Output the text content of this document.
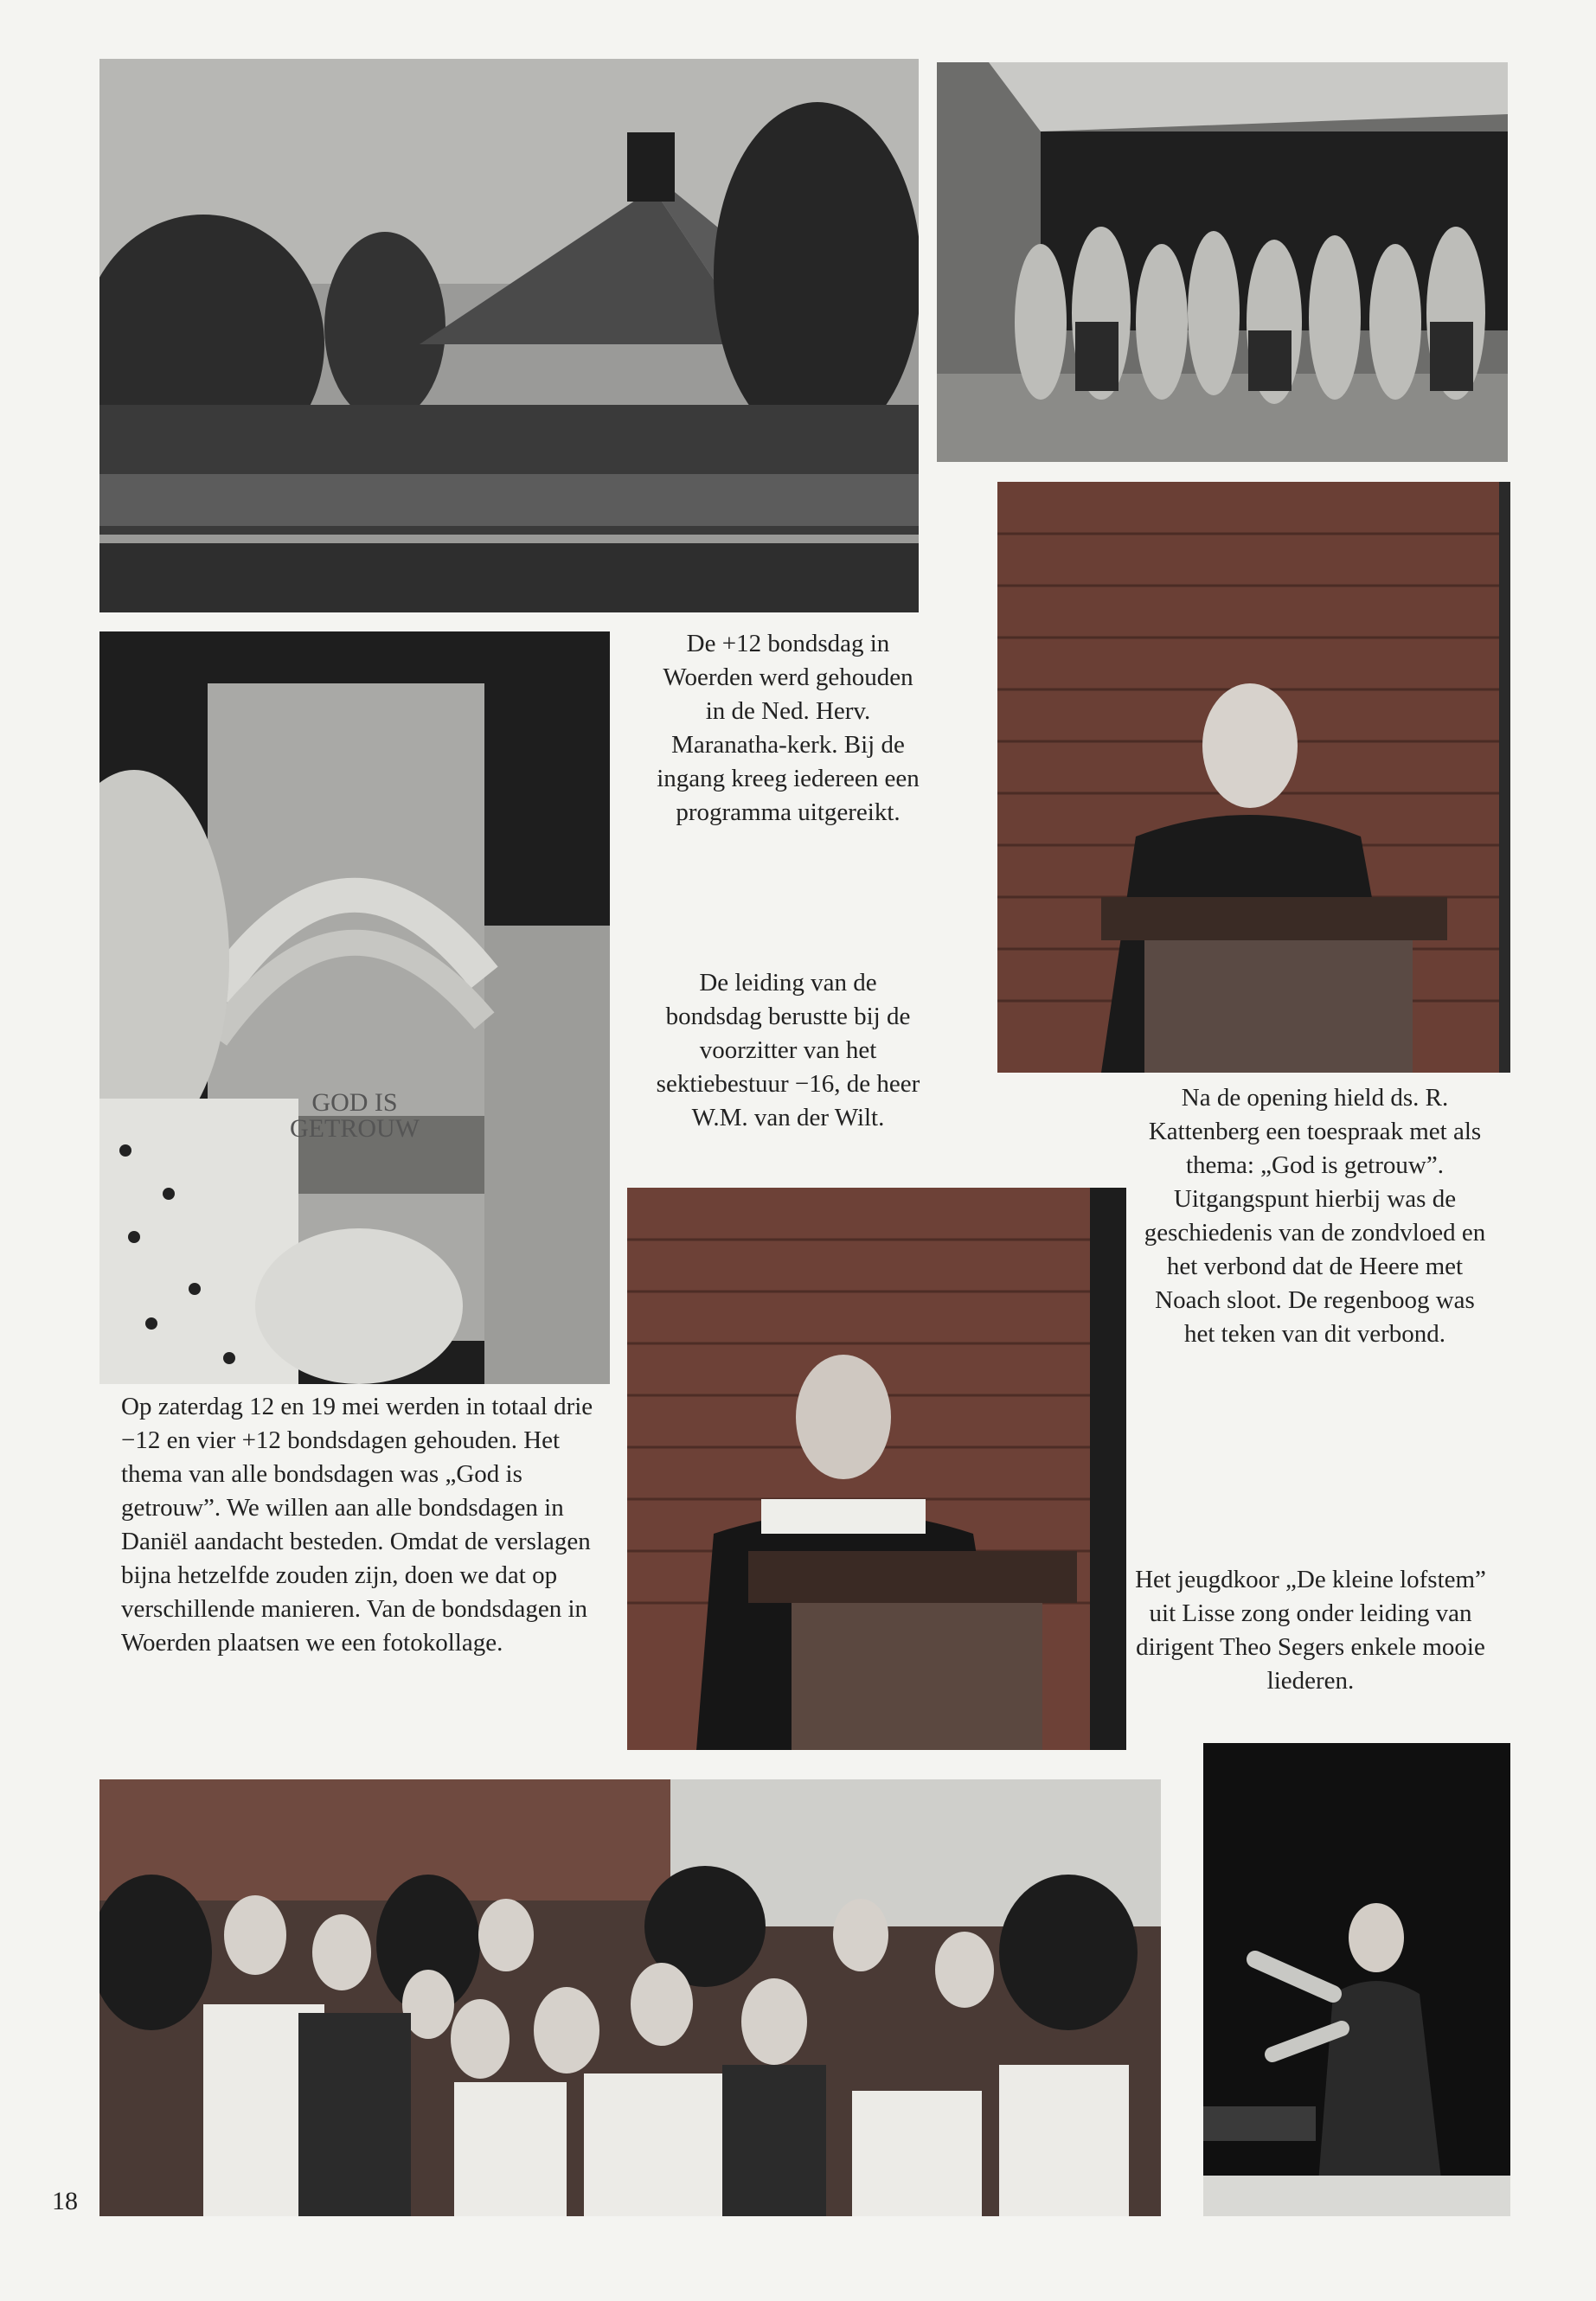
GOD IS
GETROUW
De +12 bondsdag in Woerden werd gehouden in de Ned. Herv. Maranatha-kerk. Bij de ingang kreeg iedereen een programma uitgereikt.
De leiding van de bondsdag berustte bij de voorzitter van het sektiebestuur −16, de heer W.M. van der Wilt.
Na de opening hield ds. R. Kattenberg een toespraak met als thema: „God is getrouw”. Uitgangspunt hierbij was de geschiedenis van de zondvloed en het verbond dat de Heere met Noach sloot. De regenboog was het teken van dit verbond.
Op zaterdag 12 en 19 mei werden in totaal drie −12 en vier +12 bondsdagen gehouden. Het thema van alle bondsdagen was „God is getrouw”. We willen aan alle bondsdagen in Daniël aandacht besteden. Omdat de verslagen bijna hetzelfde zouden zijn, doen we dat op verschillende manieren. Van de bondsdagen in Woerden plaatsen we een fotokollage.
Het jeugdkoor „De kleine lofstem” uit Lisse zong onder leiding van dirigent Theo Segers enkele mooie liederen.
18
